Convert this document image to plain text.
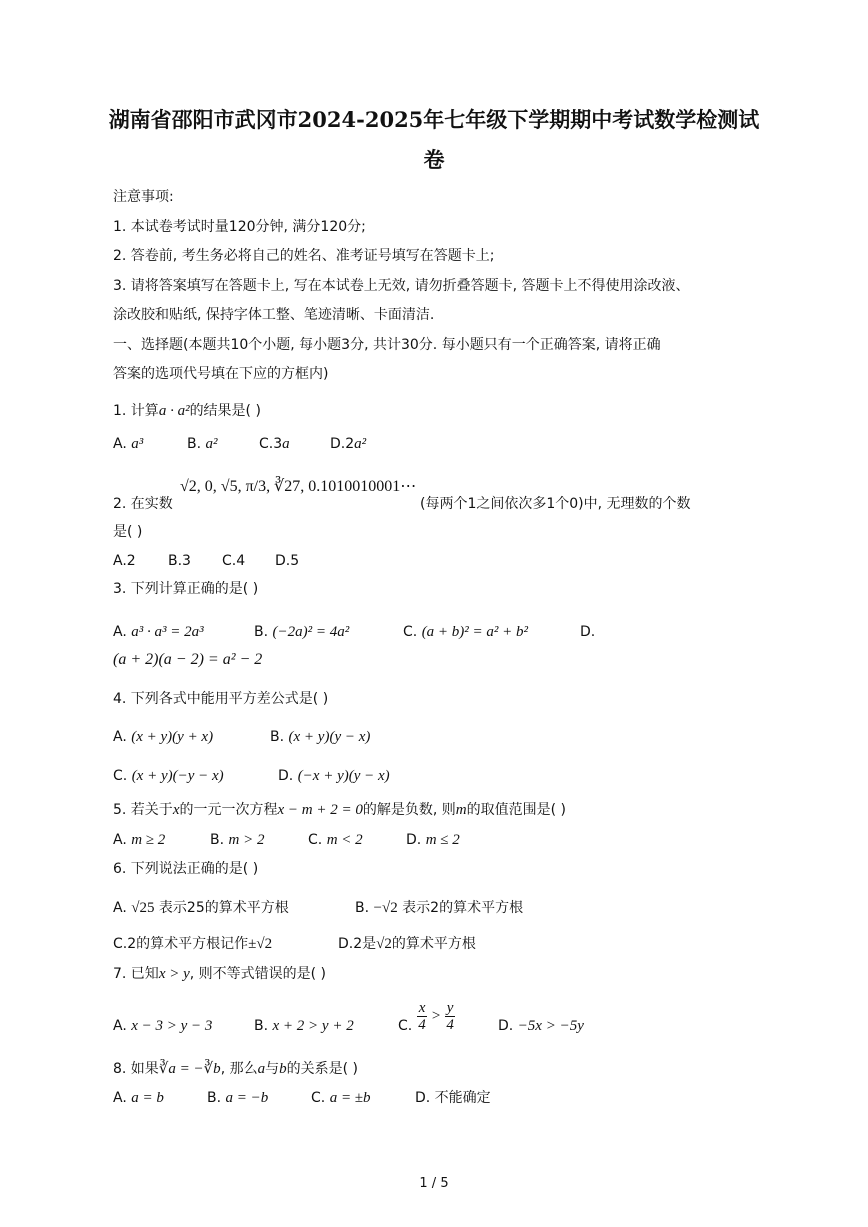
湖南省邵阳市武冈市2024-2025年七年级下学期期中考试数学检测试
卷
注意事项:
1. 本试卷考试时量120分钟, 满分120分;
2. 答卷前, 考生务必将自己的姓名、准考证号填写在答题卡上;
3. 请将答案填写在答题卡上, 写在本试卷上无效, 请勿折叠答题卡, 答题卡上不得使用涂改液、
涂改胶和贴纸, 保持字体工整、笔迹清晰、卡面清洁.
一、选择题(本题共10个小题, 每小题3分, 共计30分. 每小题只有一个正确答案, 请将正确
答案的选项代号填在下应的方框内)
1. 计算a · a²的结果是( )
A. a³	B. a²	C.3a	D.2a²
√2, 0, √5, π/3, ∛27, 0.1010010001⋯
2. 在实数	(每两个1之间依次多1个0)中, 无理数的个数
是( )
A.2 B.3 C.4 D.5
3. 下列计算正确的是( )
A. a³ · a³ = 2a³	B. (−2a)² = 4a²	C. (a + b)² = a² + b²	D.
(a + 2)(a − 2) = a² − 2
4. 下列各式中能用平方差公式是( )
A. (x + y)(y + x)	B. (x + y)(y − x)
C. (x + y)(−y − x)	D. (−x + y)(y − x)
5. 若关于x的一元一次方程x − m + 2 = 0的解是负数, 则m的取值范围是( )
A. m ≥ 2	B. m > 2	C. m < 2	D. m ≤ 2
6. 下列说法正确的是( )
A. √25 表示25的算术平方根	B. −√2 表示2的算术平方根
C.2的算术平方根记作±√2	D.2是√2的算术平方根
7. 已知x > y, 则不等式错误的是( )
A. x − 3 > y − 3	B. x + 2 > y + 2	C. $\frac{x}{4} > \frac{y}{4}$	D. −5x > −5y
8. 如果∛a = −∛b, 那么a与b的关系是( )
A. a = b	B. a = −b	C. a = ±b	D. 不能确定
1 / 5
